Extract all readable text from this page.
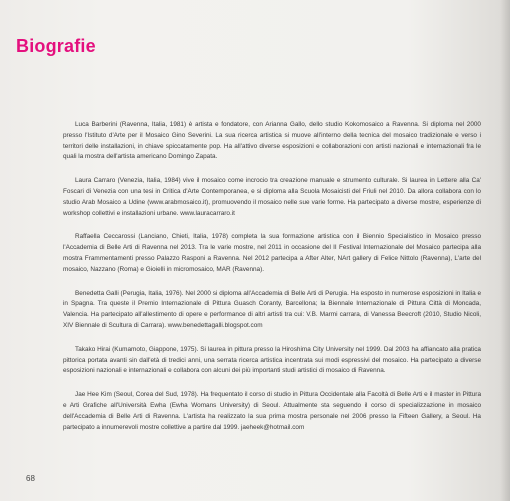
Biografie

Luca Barberini (Ravenna, Italia, 1981) è artista e fondatore, con Arianna Gallo, dello studio Kokomosaico a Ravenna. Si diploma nel 2000 presso l'Istituto d'Arte per il Mosaico Gino Severini. La sua ricerca artistica si muove all'interno della tecnica del mosaico tradizionale e verso i territori delle installazioni, in chiave spiccatamente pop. Ha all'attivo diverse esposizioni e collaborazioni con artisti nazionali e internazionali fra le quali la mostra dell'artista americano Domingo Zapata.

Laura Carraro (Venezia, Italia, 1984) vive il mosaico come incrocio tra creazione manuale e strumento culturale. Si laurea in Lettere alla Ca' Foscari di Venezia con una tesi in Critica d'Arte Contemporanea, e si diploma alla Scuola Mosaicisti del Friuli nel 2010. Da allora collabora con lo studio Arab Mosaico a Udine (www.arabmosaico.it), promuovendo il mosaico nelle sue varie forme. Ha partecipato a diverse mostre, esperienze di workshop collettivi e installazioni urbane. www.lauracarraro.it

Raffaella Ceccarossi (Lanciano, Chieti, Italia, 1978) completa la sua formazione artistica con il Biennio Specialistico in Mosaico presso l'Accademia di Belle Arti di Ravenna nel 2013. Tra le varie mostre, nel 2011 in occasione del II Festival Internazionale del Mosaico partecipa alla mostra Frammentamenti presso Palazzo Rasponi a Ravenna. Nel 2012 partecipa a After Alter, NArt gallery di Felice Nittolo (Ravenna), L'arte del mosaico, Nazzano (Roma) e Gioielli in micromosaico, MAR (Ravenna).

Benedetta Galli (Perugia, Italia, 1976). Nel 2000 si diploma all'Accademia di Belle Arti di Perugia. Ha esposto in numerose esposizioni in Italia e in Spagna. Tra queste il Premio Internazionale di Pittura Guasch Coranty, Barcellona; la Biennale Internazionale di Pittura Città di Moncada, Valencia. Ha partecipato all'allestimento di opere e performance di altri artisti tra cui: V.B. Marmi carrara, di Vanessa Beecroft (2010, Studio Nicoli, XIV Biennale di Scultura di Carrara). www.benedettagalli.blogspot.com

Takako Hirai (Kumamoto, Giappone, 1975). Si laurea in pittura presso la Hiroshima City University nel 1999. Dal 2003 ha affiancato alla pratica pittorica portata avanti sin dall'età di tredici anni, una serrata ricerca artistica incentrata sui modi espressivi del mosaico. Ha partecipato a diverse esposizioni nazionali e internazionali e collabora con alcuni dei più importanti studi artistici di mosaico di Ravenna.

Jae Hee Kim (Seoul, Corea del Sud, 1978). Ha frequentato il corso di studio in Pittura Occidentale alla Facoltà di Belle Arti e il master in Pittura e Arti Grafiche all'Università Ewha (Ewha Womans University) di Seoul. Attualmente sta seguendo il corso di specializzazione in mosaico dell'Accademia di Belle Arti di Ravenna. L'artista ha realizzato la sua prima mostra personale nel 2006 presso la Fifteen Gallery, a Seoul. Ha partecipato a innumerevoli mostre collettive a partire dal 1999. jaeheek@hotmail.com

68
